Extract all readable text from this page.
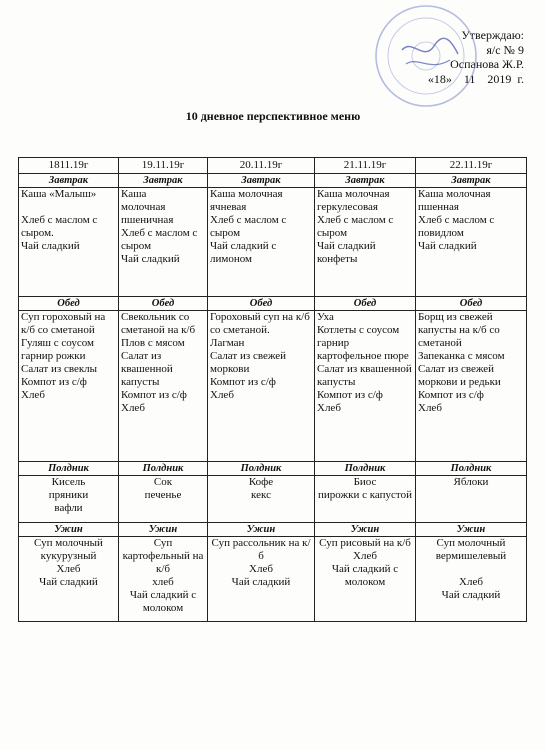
Утверждаю:
я/с № 9
Оспанова Ж.Р.
«18»    11    2019  г.
10 дневное перспективное меню
1811.19г	19.11.19г	20.11.19г	21.11.19г	22.11.19г
Завтрак	Завтрак	Завтрак	Завтрак	Завтрак
Каша «Малыш»

Хлеб с маслом с сыром.
Чай сладкий	Каша
молочная
пшеничная
Хлеб с маслом с сыром
Чай сладкий	Каша молочная ячневая
Хлеб с маслом с сыром
Чай сладкий с лимоном	Каша молочная геркулесовая
Хлеб с маслом с
сыром
Чай сладкий конфеты	Каша молочная пшенная
Хлеб с маслом с повидлом
Чай сладкий
Обед	Обед	Обед	Обед	Обед
Суп гороховый на к/б со сметаной
Гуляш с соусом гарнир рожки
Салат из свеклы
Компот из с/ф
Хлеб	Свекольник со сметаной на к/б
Плов с мясом
Салат из квашенной капусты
Компот из с/ф
Хлеб	Гороховый суп на к/б со сметаной.
Лагман
Салат из свежей моркови
Компот из с/ф
Хлеб	Уха
Котлеты с соусом гарнир картофельное пюре
Салат из квашенной капусты
Компот из с/ф
Хлеб	Борщ из свежей капусты на к/б со сметаной
Запеканка с мясом
Салат из свежей моркови и редьки
Компот из с/ф
Хлеб
Полдник	Полдник	Полдник	Полдник	Полдник
Кисель
пряники
вафли	Сок
печенье	Кофе
кекс	Биос
пирожки с капустой	Яблоки
Ужин	Ужин	Ужин	Ужин	Ужин
Суп молочный кукурузный
Хлеб
Чай сладкий	Суп картофельный на к/б
хлеб
Чай сладкий с молоком	Суп рассольник на к/б
Хлеб
Чай сладкий	Суп рисовый на к/б
Хлеб
Чай сладкий с молоком	Суп молочный вермишелевый

Хлеб
Чай сладкий
